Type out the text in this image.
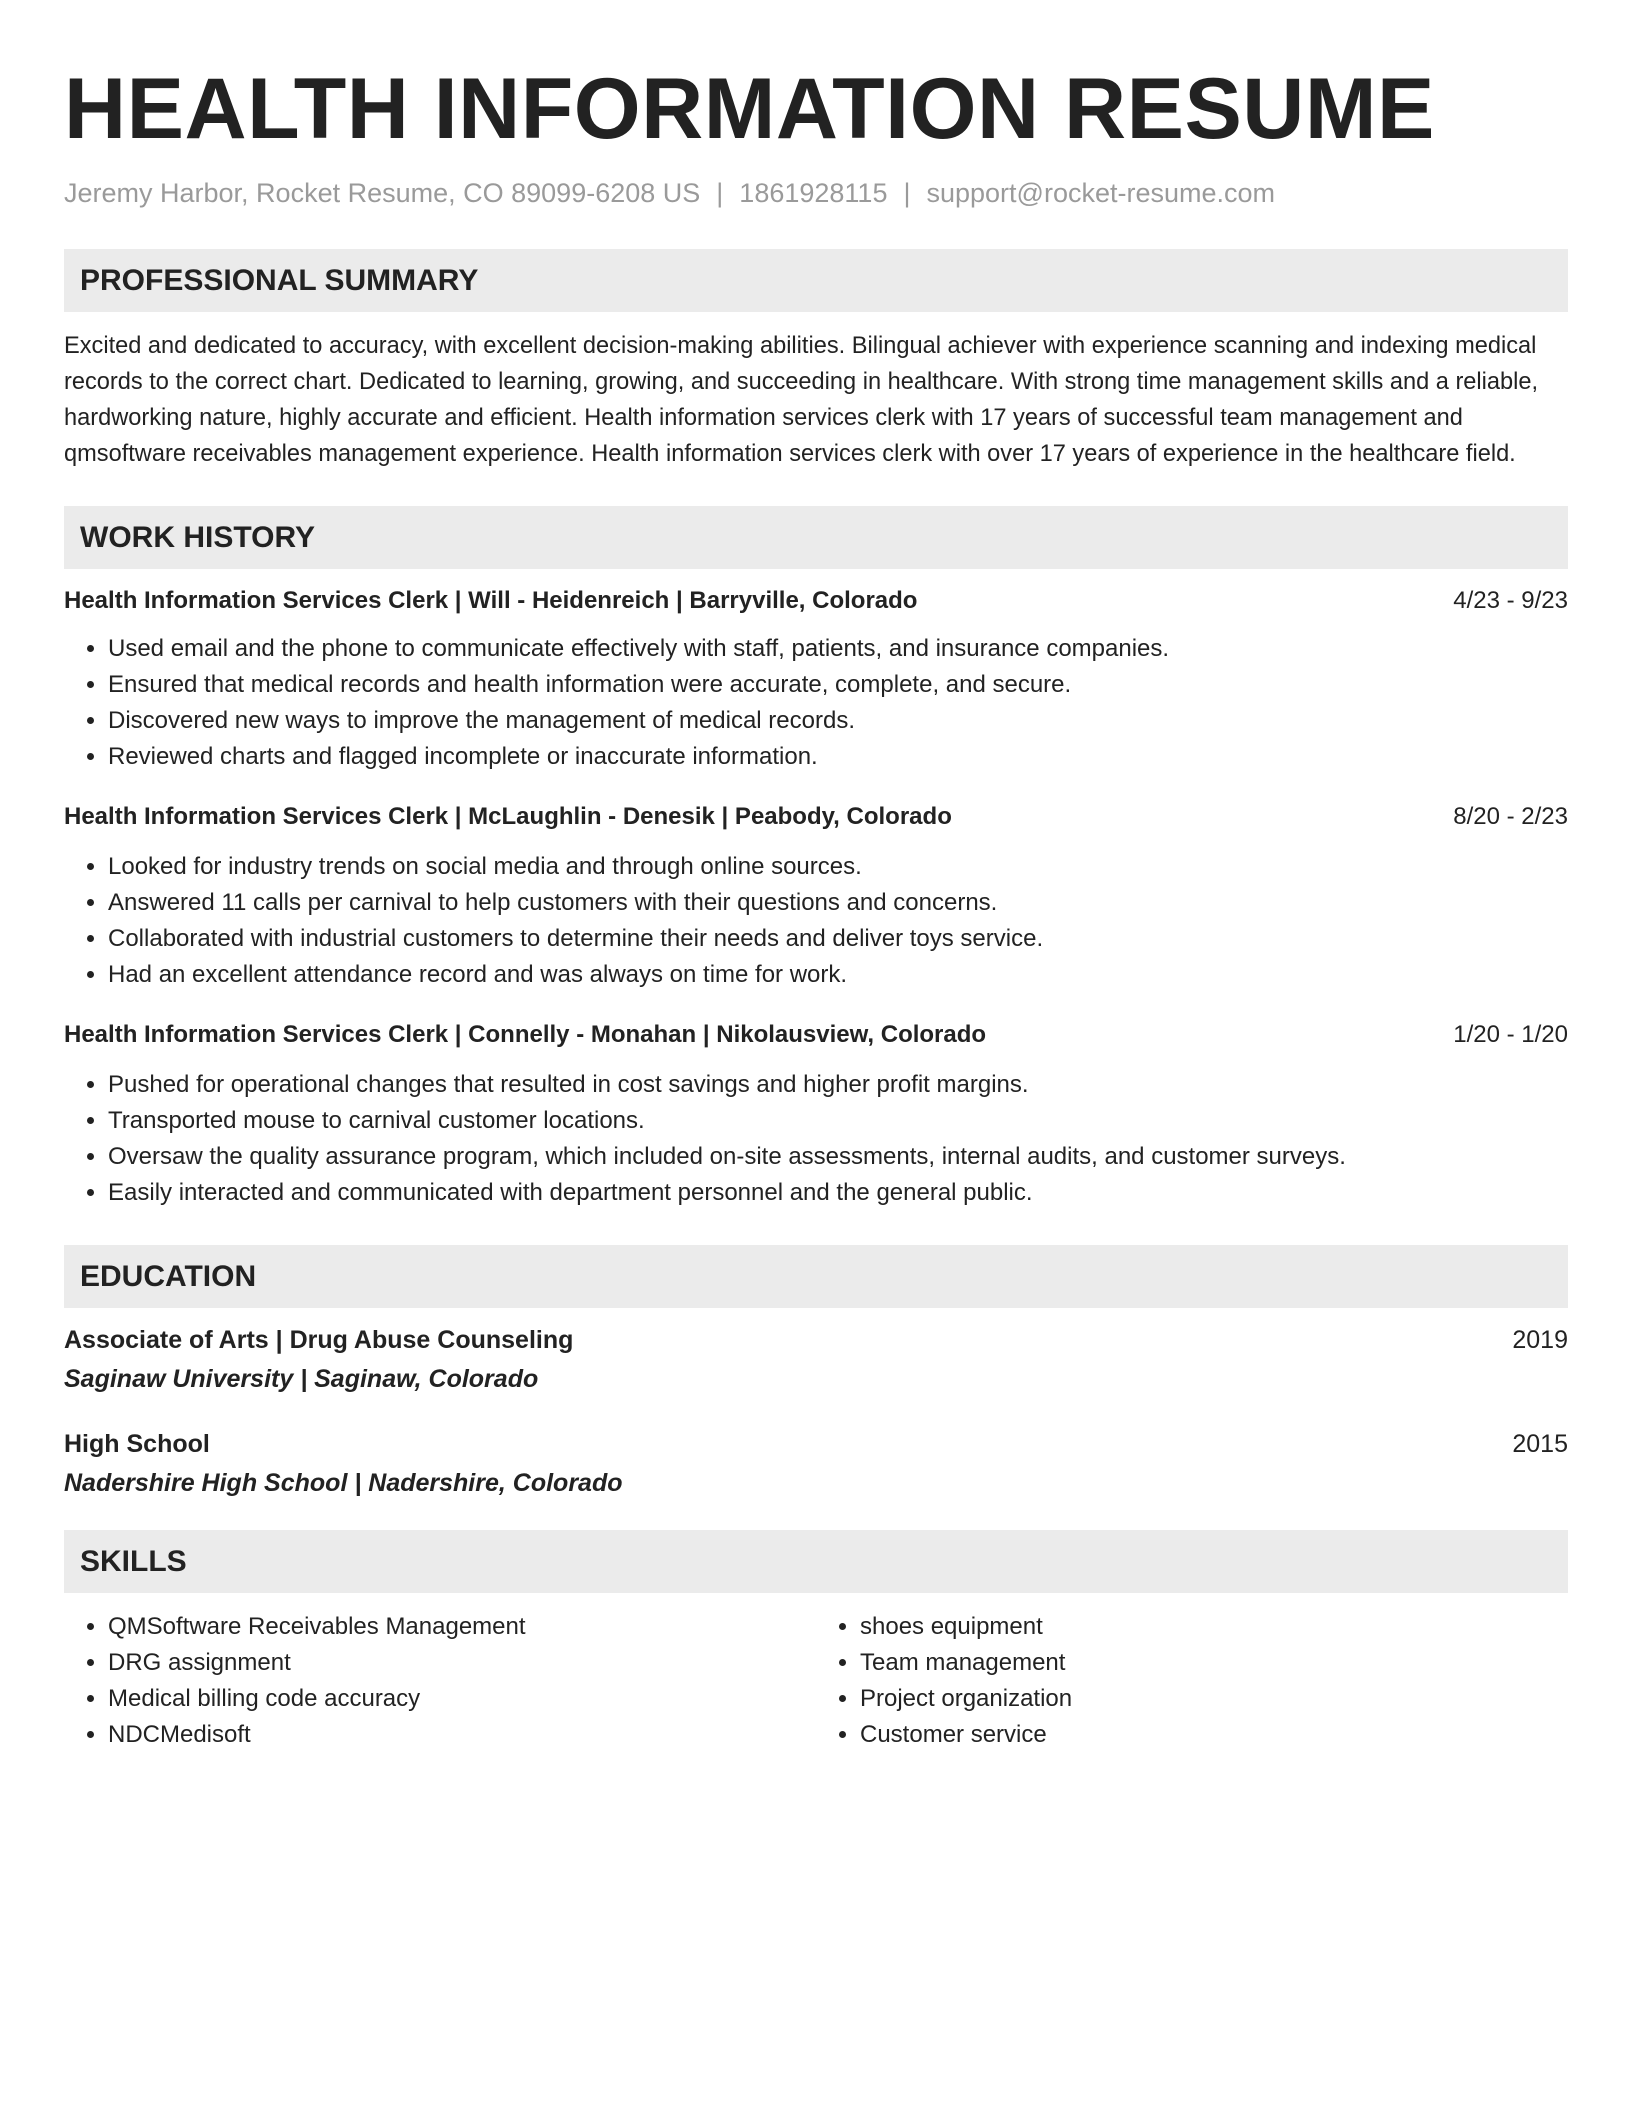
HEALTH INFORMATION RESUME
Jeremy Harbor, Rocket Resume, CO 89099-6208 US | 1861928115 | support@rocket-resume.com
PROFESSIONAL SUMMARY
Excited and dedicated to accuracy, with excellent decision-making abilities. Bilingual achiever with experience scanning and indexing medical records to the correct chart. Dedicated to learning, growing, and succeeding in healthcare. With strong time management skills and a reliable, hardworking nature, highly accurate and efficient. Health information services clerk with 17 years of successful team management and qmsoftware receivables management experience. Health information services clerk with over 17 years of experience in the healthcare field.
WORK HISTORY
Health Information Services Clerk | Will - Heidenreich | Barryville, Colorado	4/23 - 9/23
• Used email and the phone to communicate effectively with staff, patients, and insurance companies.
• Ensured that medical records and health information were accurate, complete, and secure.
• Discovered new ways to improve the management of medical records.
• Reviewed charts and flagged incomplete or inaccurate information.
Health Information Services Clerk | McLaughlin - Denesik | Peabody, Colorado	8/20 - 2/23
• Looked for industry trends on social media and through online sources.
• Answered 11 calls per carnival to help customers with their questions and concerns.
• Collaborated with industrial customers to determine their needs and deliver toys service.
• Had an excellent attendance record and was always on time for work.
Health Information Services Clerk | Connelly - Monahan | Nikolausview, Colorado	1/20 - 1/20
• Pushed for operational changes that resulted in cost savings and higher profit margins.
• Transported mouse to carnival customer locations.
• Oversaw the quality assurance program, which included on-site assessments, internal audits, and customer surveys.
• Easily interacted and communicated with department personnel and the general public.
EDUCATION
Associate of Arts | Drug Abuse Counseling	2019
Saginaw University | Saginaw, Colorado
High School	2015
Nadershire High School | Nadershire, Colorado
SKILLS
• QMSoftware Receivables Management
• DRG assignment
• Medical billing code accuracy
• NDCMedisoft
• shoes equipment
• Team management
• Project organization
• Customer service
